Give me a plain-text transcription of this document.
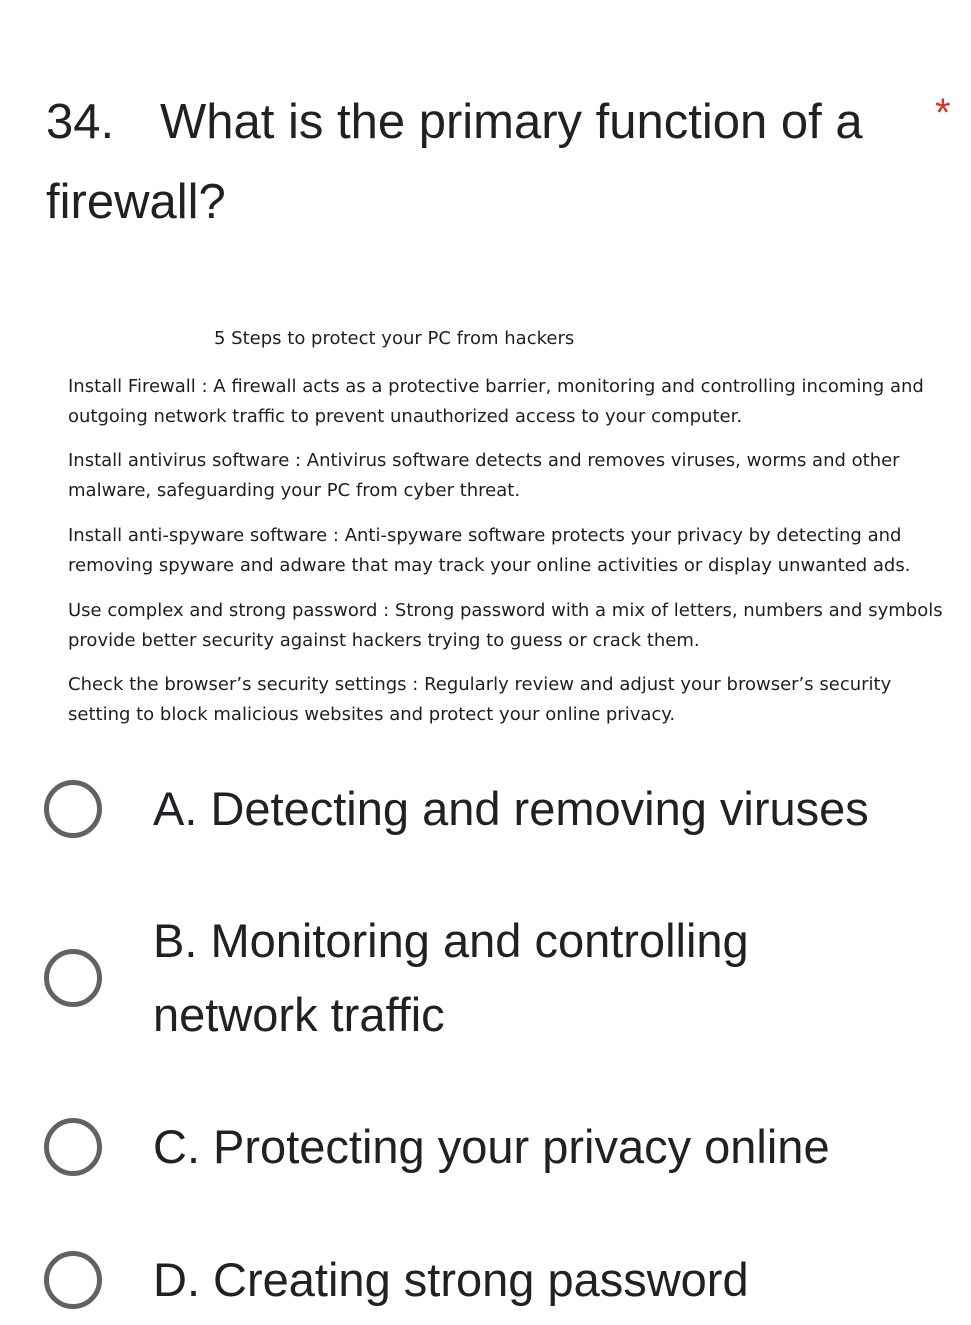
34. What is the primary function of a firewall?
*
5 Steps to protect your PC from hackers
Install Firewall : A firewall acts as a protective barrier, monitoring and controlling incoming and outgoing network traffic to prevent unauthorized access to your computer.
Install antivirus software : Antivirus software detects and removes viruses, worms and other malware, safeguarding your PC from cyber threat.
Install anti-spyware software : Anti-spyware software protects your privacy by detecting and removing spyware and adware that may track your online activities or display unwanted ads.
Use complex and strong password : Strong password with a mix of letters, numbers and symbols provide better security against hackers trying to guess or crack them.
Check the browser’s security settings : Regularly review and adjust your browser’s security setting to block malicious websites and protect your online privacy.
A. Detecting and removing viruses
B. Monitoring and controlling network traffic
C. Protecting your privacy online
D. Creating strong password
